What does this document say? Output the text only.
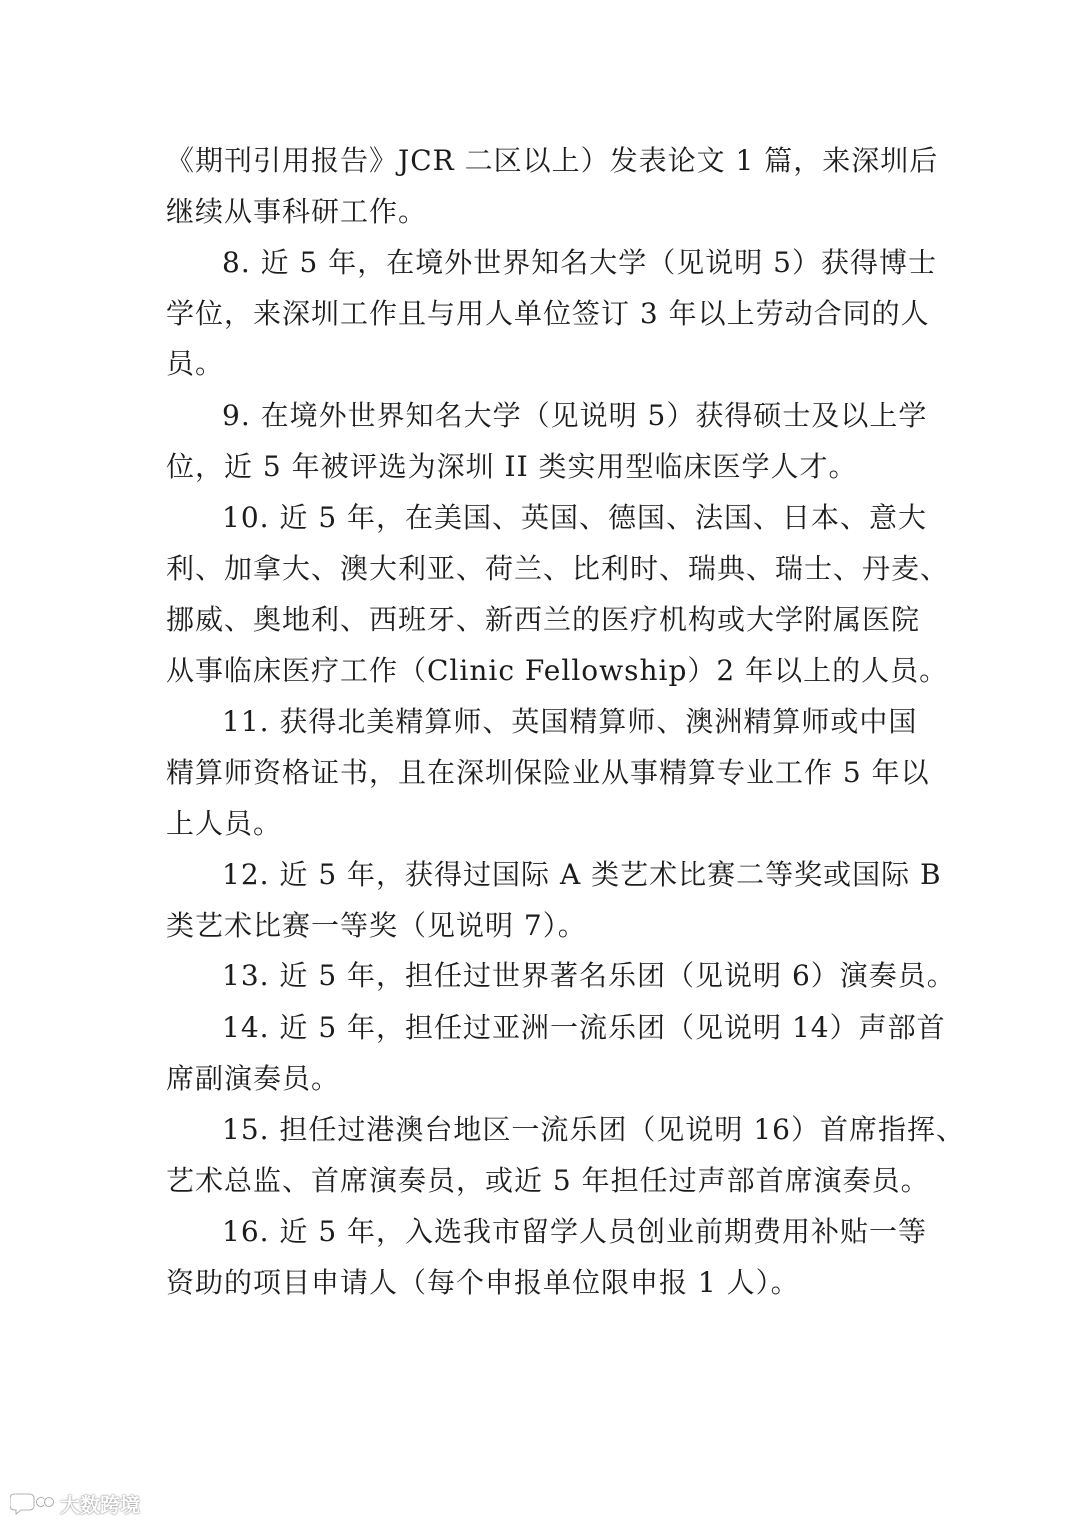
《期刊引用报告》JCR 二区以上）发表论文 1 篇，来深圳后
继续从事科研工作。
8. 近 5 年，在境外世界知名大学（见说明 5）获得博士
学位，来深圳工作且与用人单位签订 3 年以上劳动合同的人
员。
9. 在境外世界知名大学（见说明 5）获得硕士及以上学
位，近 5 年被评选为深圳 II 类实用型临床医学人才。
10. 近 5 年，在美国、英国、德国、法国、日本、意大
利、加拿大、澳大利亚、荷兰、比利时、瑞典、瑞士、丹麦、
挪威、奥地利、西班牙、新西兰的医疗机构或大学附属医院
从事临床医疗工作（Clinic Fellowship）2 年以上的人员。
11. 获得北美精算师、英国精算师、澳洲精算师或中国
精算师资格证书，且在深圳保险业从事精算专业工作 5 年以
上人员。
12. 近 5 年，获得过国际 A 类艺术比赛二等奖或国际 B
类艺术比赛一等奖（见说明 7）。
13. 近 5 年，担任过世界著名乐团（见说明 6）演奏员。
14. 近 5 年，担任过亚洲一流乐团（见说明 14）声部首
席副演奏员。
15. 担任过港澳台地区一流乐团（见说明 16）首席指挥、
艺术总监、首席演奏员，或近 5 年担任过声部首席演奏员。
16. 近 5 年，入选我市留学人员创业前期费用补贴一等
资助的项目申请人（每个申报单位限申报 1 人）。
大数跨境
